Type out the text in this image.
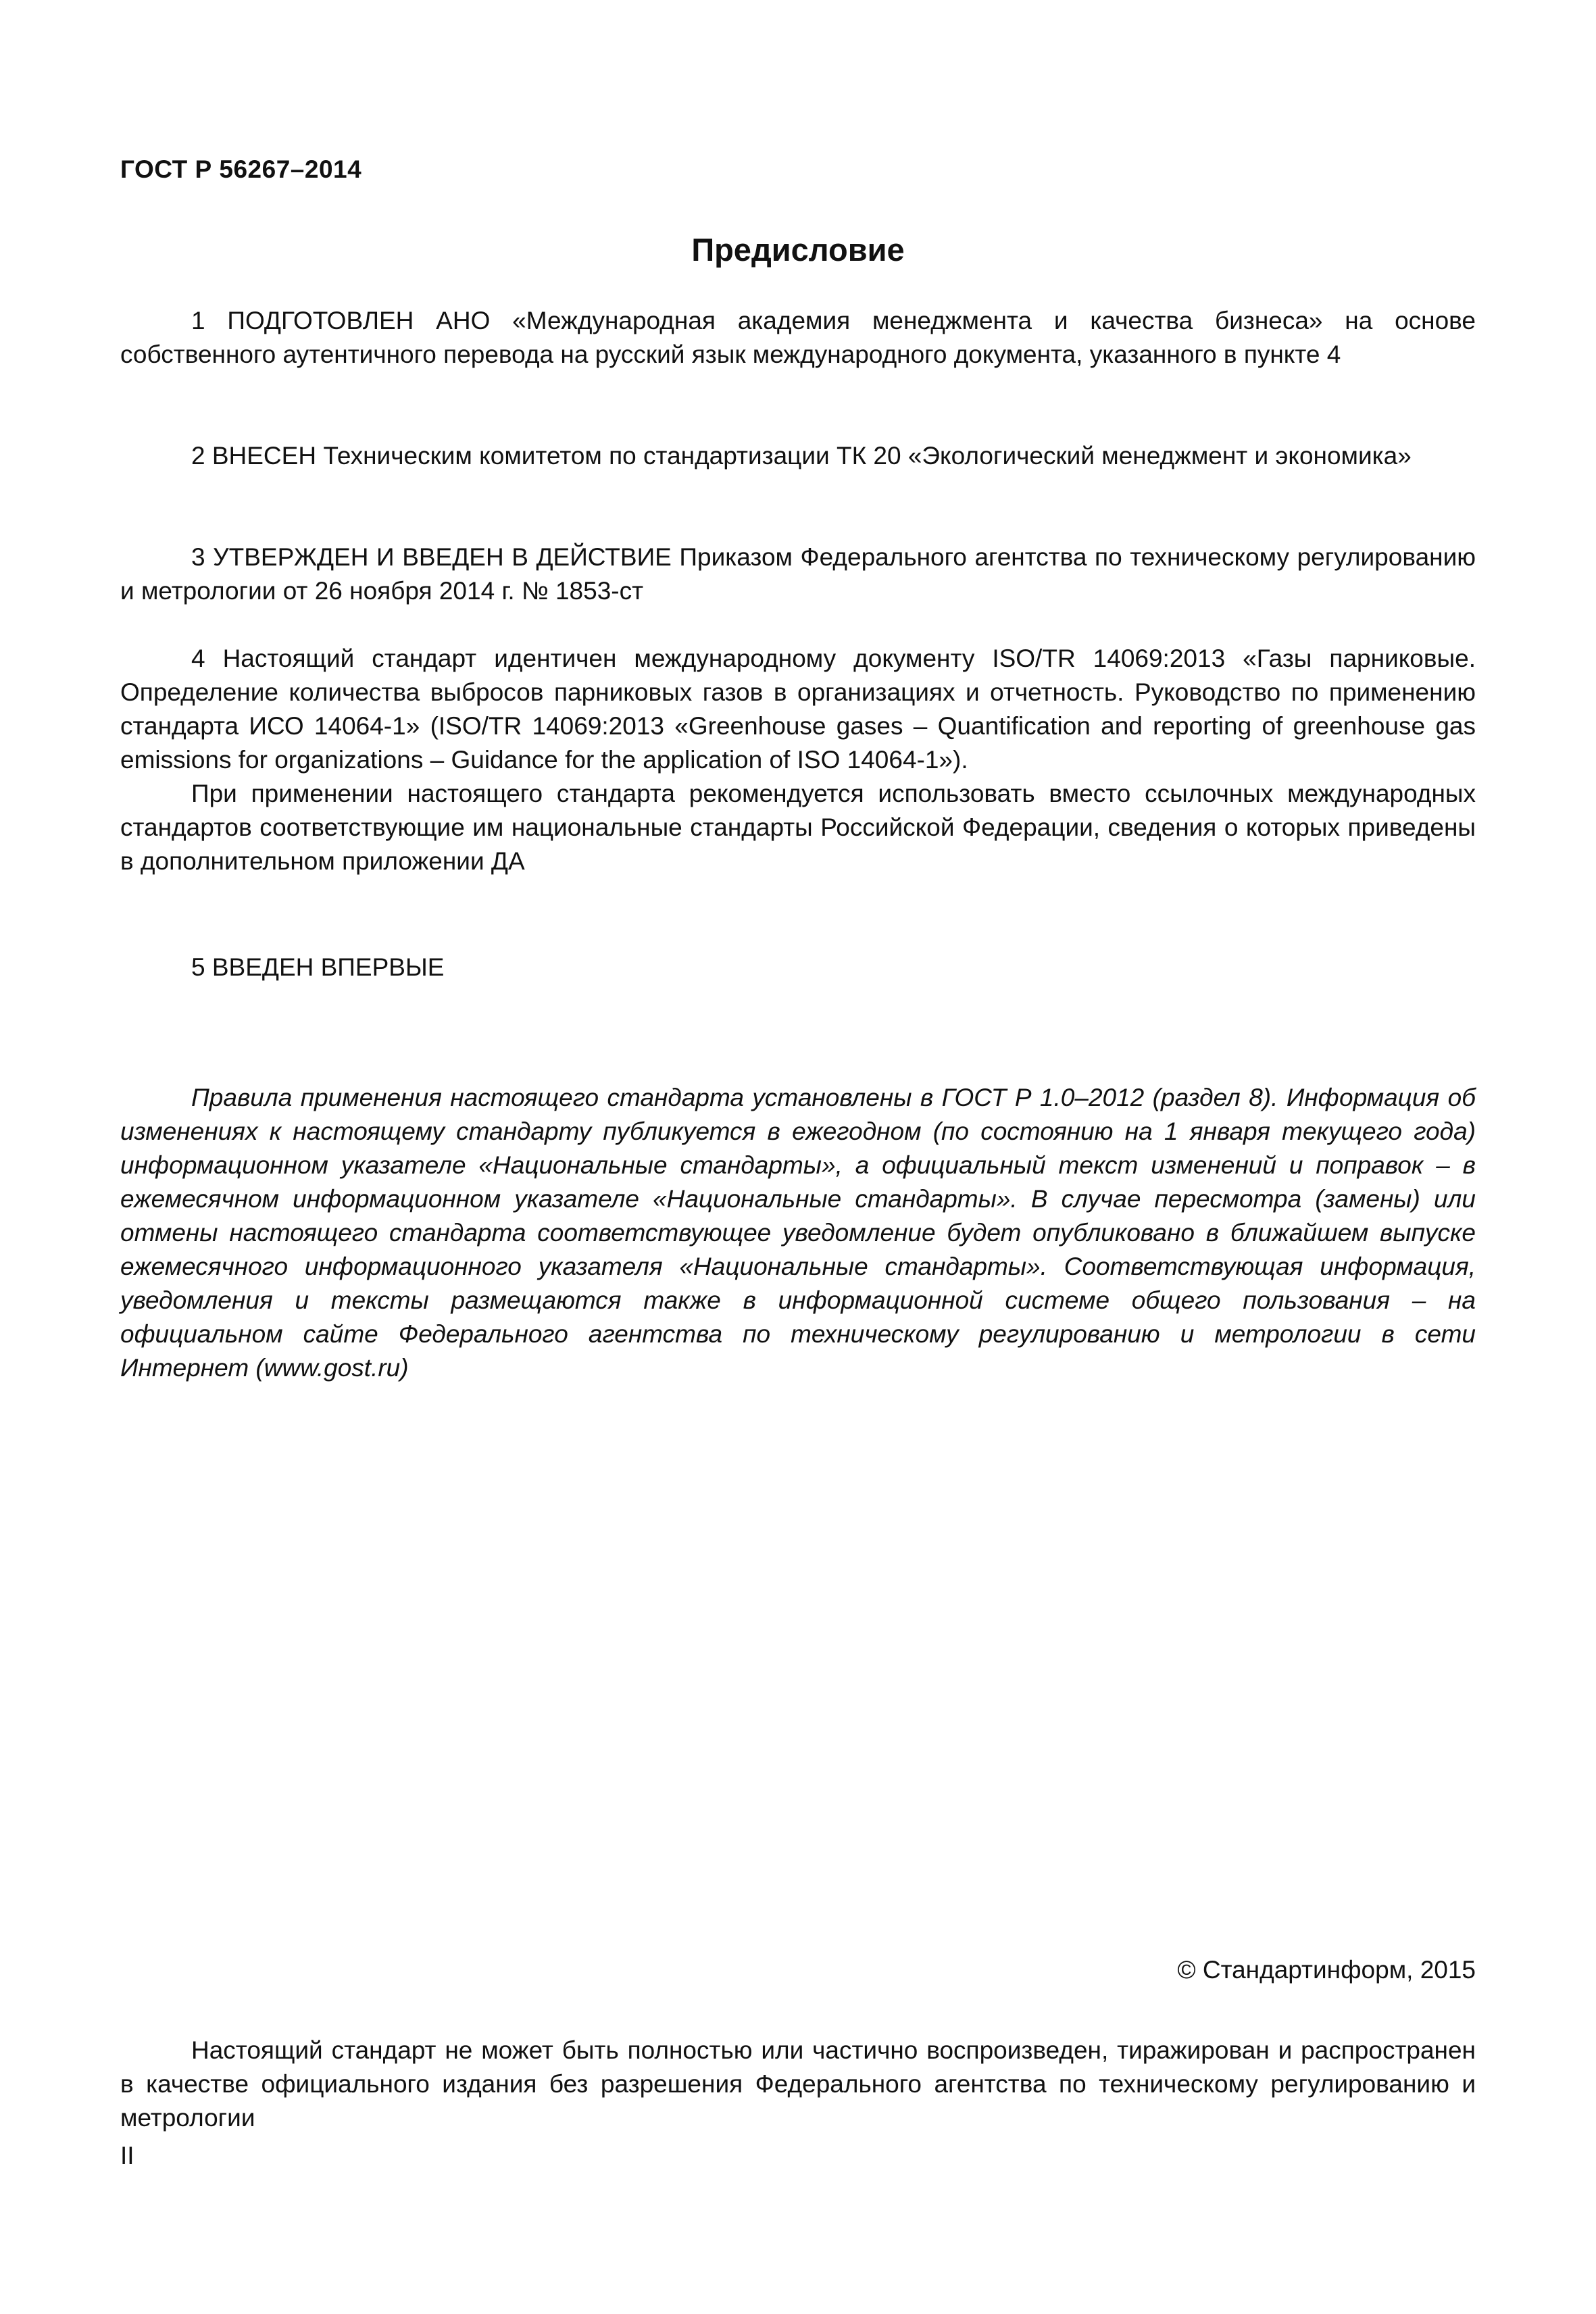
ГОСТ Р 56267–2014
Предисловие

1 ПОДГОТОВЛЕН АНО «Международная академия менеджмента и качества бизнеса» на основе собственного аутентичного перевода на русский язык международного документа, указанного в пункте 4

2 ВНЕСЕН Техническим комитетом по стандартизации ТК 20 «Экологический менеджмент и экономика»

3 УТВЕРЖДЕН И ВВЕДЕН В ДЕЙСТВИЕ Приказом Федерального агентства по техническому регулированию и метрологии от 26 ноября 2014 г. № 1853-ст

4 Настоящий стандарт идентичен международному документу ISO/TR 14069:2013 «Газы парниковые. Определение количества выбросов парниковых газов в организациях и отчетность. Руководство по применению стандарта ИСО 14064-1» (ISO/TR 14069:2013 «Greenhouse gases – Quantification and reporting of greenhouse gas emissions for organizations – Guidance for the application of ISO 14064-1»).

При применении настоящего стандарта рекомендуется использовать вместо ссылочных международных стандартов соответствующие им национальные стандарты Российской Федерации, сведения о которых приведены в дополнительном приложении ДА

5 ВВЕДЕН ВПЕРВЫЕ

Правила применения настоящего стандарта установлены в ГОСТ Р 1.0–2012 (раздел 8). Информация об изменениях к настоящему стандарту публикуется в ежегодном (по состоянию на 1 января текущего года) информационном указателе «Национальные стандарты», а официальный текст изменений и поправок – в ежемесячном информационном указателе «Национальные стандарты». В случае пересмотра (замены) или отмены настоящего стандарта соответствующее уведомление будет опубликовано в ближайшем выпуске ежемесячного информационного указателя «Национальные стандарты». Соответствующая информация, уведомления и тексты размещаются также в информационной системе общего пользования – на официальном сайте Федерального агентства по техническому регулированию и метрологии в сети Интернет (www.gost.ru)

© Стандартинформ, 2015

Настоящий стандарт не может быть полностью или частично воспроизведен, тиражирован и распространен в качестве официального издания без разрешения Федерального агентства по техническому регулированию и метрологии

II
